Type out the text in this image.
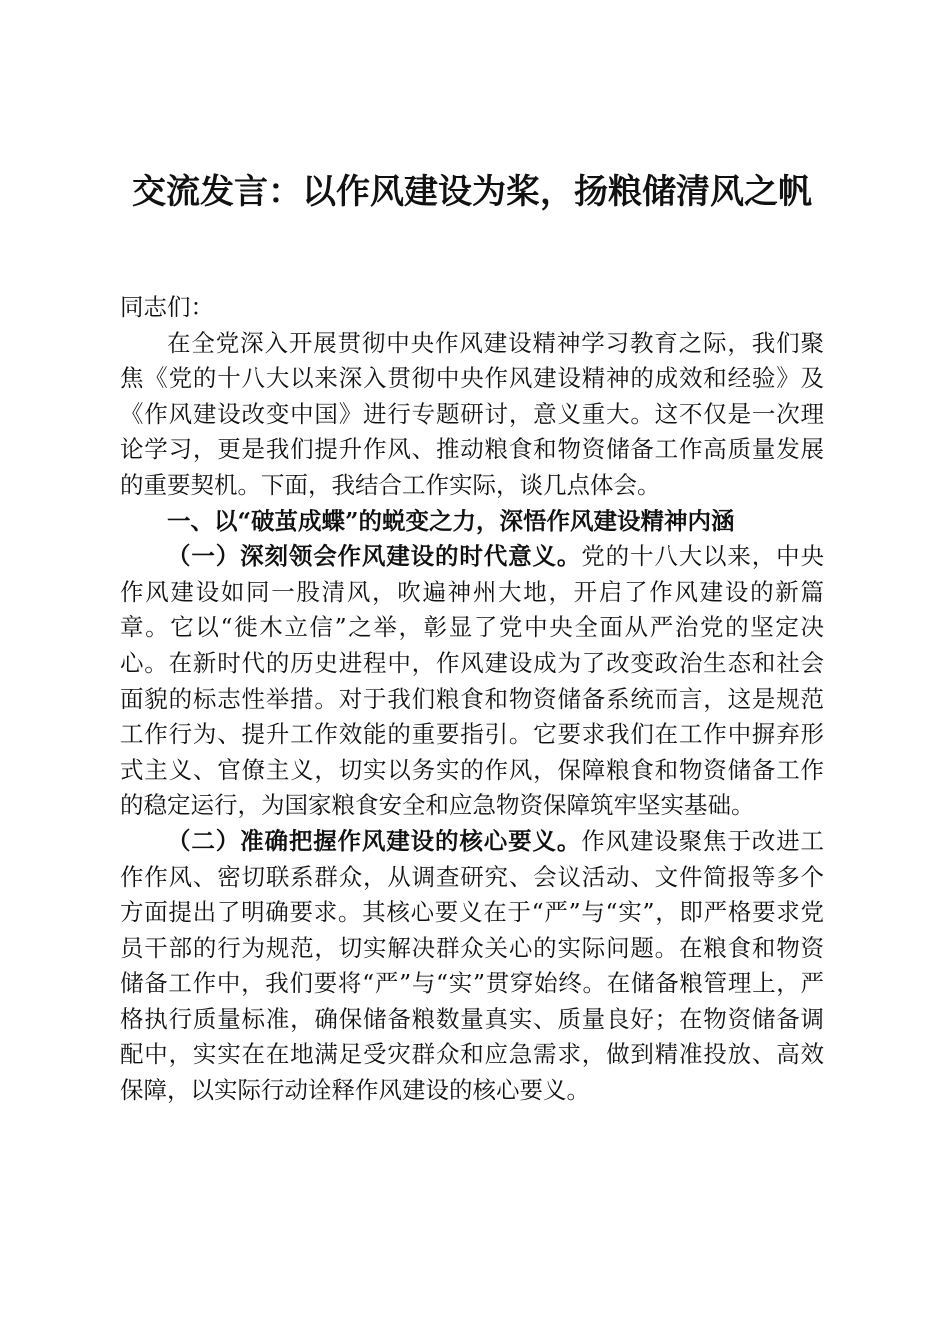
交流发言：以作风建设为桨，扬粮储清风之帆

同志们：

在全党深入开展贯彻中央作风建设精神学习教育之际，我们聚焦《党的十八大以来深入贯彻中央作风建设精神的成效和经验》及《作风建设改变中国》进行专题研讨，意义重大。这不仅是一次理论学习，更是我们提升作风、推动粮食和物资储备工作高质量发展的重要契机。下面，我结合工作实际，谈几点体会。

一、以“破茧成蝶”的蜕变之力，深悟作风建设精神内涵

（一）深刻领会作风建设的时代意义。党的十八大以来，中央作风建设如同一股清风，吹遍神州大地，开启了作风建设的新篇章。它以“徙木立信”之举，彰显了党中央全面从严治党的坚定决心。在新时代的历史进程中，作风建设成为了改变政治生态和社会面貌的标志性举措。对于我们粮食和物资储备系统而言，这是规范工作行为、提升工作效能的重要指引。它要求我们在工作中摒弃形式主义、官僚主义，切实以务实的作风，保障粮食和物资储备工作的稳定运行，为国家粮食安全和应急物资保障筑牢坚实基础。

（二）准确把握作风建设的核心要义。作风建设聚焦于改进工作作风、密切联系群众，从调查研究、会议活动、文件简报等多个方面提出了明确要求。其核心要义在于“严”与“实”，即严格要求党员干部的行为规范，切实解决群众关心的实际问题。在粮食和物资储备工作中，我们要将“严”与“实”贯穿始终。在储备粮管理上，严格执行质量标准，确保储备粮数量真实、质量良好；在物资储备调配中，实实在在地满足受灾群众和应急需求，做到精准投放、高效保障，以实际行动诠释作风建设的核心要义。
